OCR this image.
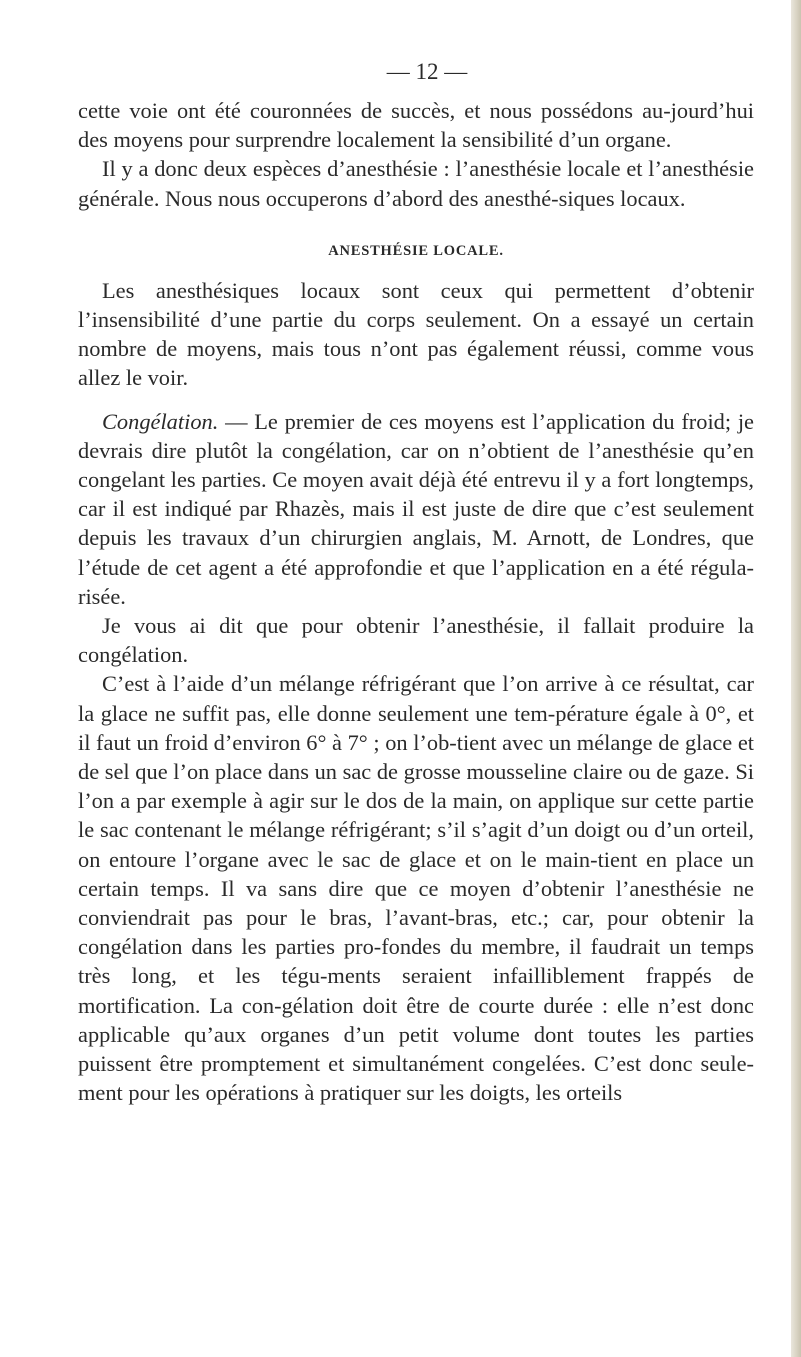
— 12 —

cette voie ont été couronnées de succès, et nous possédons au-jourd’hui des moyens pour surprendre localement la sensibilité d’un organe.

Il y a donc deux espèces d’anesthésie : l’anesthésie locale et l’anesthésie générale. Nous nous occuperons d’abord des anesthé-siques locaux.

ANESTHÉSIE LOCALE.

Les anesthésiques locaux sont ceux qui permettent d’obtenir l’insensibilité d’une partie du corps seulement. On a essayé un certain nombre de moyens, mais tous n’ont pas également réussi, comme vous allez le voir.

Congélation. — Le premier de ces moyens est l’application du froid; je devrais dire plutôt la congélation, car on n’obtient de l’anesthésie qu’en congelant les parties. Ce moyen avait déjà été entrevu il y a fort longtemps, car il est indiqué par Rhazès, mais il est juste de dire que c’est seulement depuis les travaux d’un chirurgien anglais, M. Arnott, de Londres, que l’étude de cet agent a été approfondie et que l’application en a été régula-risée.

Je vous ai dit que pour obtenir l’anesthésie, il fallait produire la congélation.

C’est à l’aide d’un mélange réfrigérant que l’on arrive à ce résultat, car la glace ne suffit pas, elle donne seulement une tem-pérature égale à 0°, et il faut un froid d’environ 6° à 7° ; on l’ob-tient avec un mélange de glace et de sel que l’on place dans un sac de grosse mousseline claire ou de gaze. Si l’on a par exemple à agir sur le dos de la main, on applique sur cette partie le sac contenant le mélange réfrigérant; s’il s’agit d’un doigt ou d’un orteil, on entoure l’organe avec le sac de glace et on le main-tient en place un certain temps. Il va sans dire que ce moyen d’obtenir l’anesthésie ne conviendrait pas pour le bras, l’avant-bras, etc.; car, pour obtenir la congélation dans les parties pro-fondes du membre, il faudrait un temps très long, et les tégu-ments seraient infailliblement frappés de mortification. La con-gélation doit être de courte durée : elle n’est donc applicable qu’aux organes d’un petit volume dont toutes les parties puissent être promptement et simultanément congelées. C’est donc seule-ment pour les opérations à pratiquer sur les doigts, les orteils
